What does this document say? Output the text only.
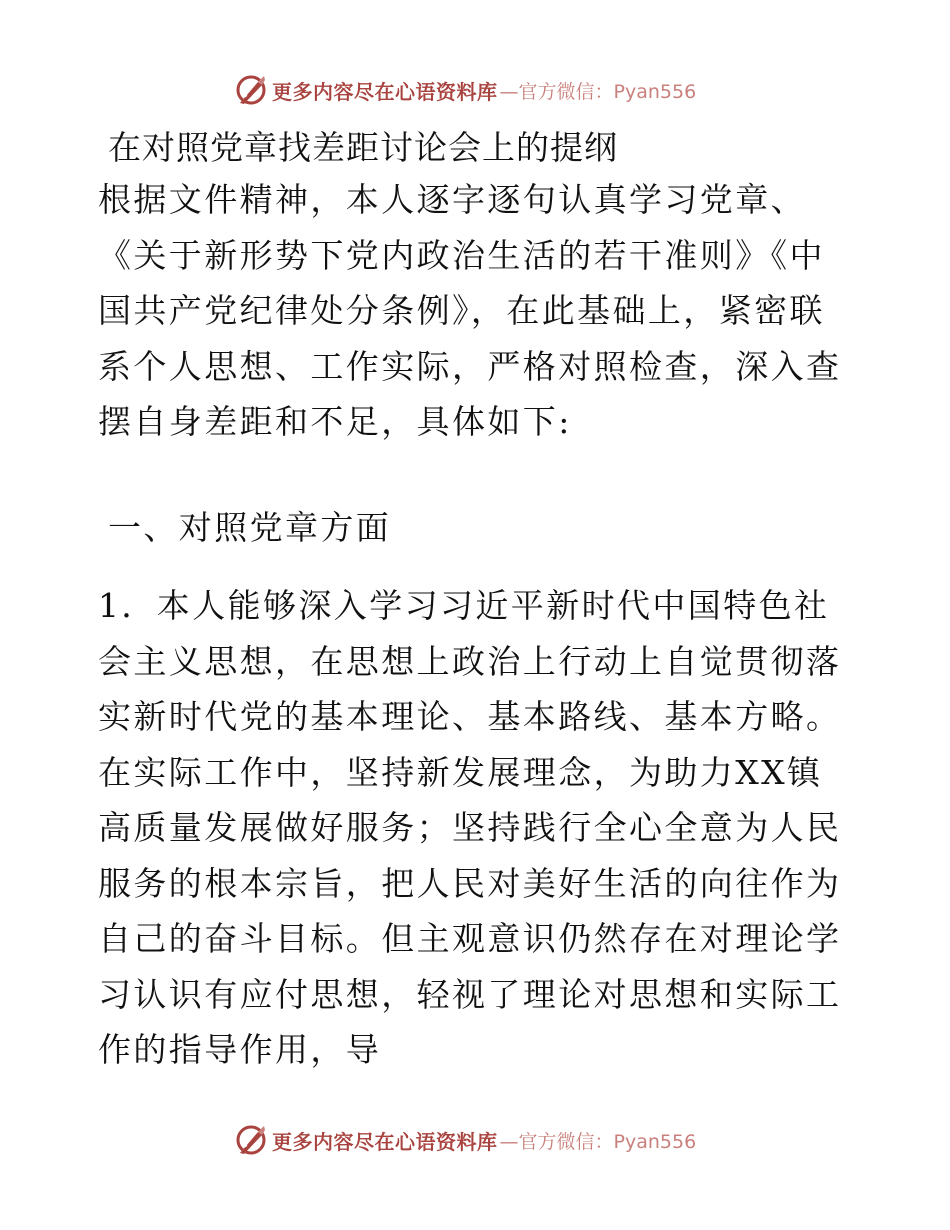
更多内容尽在心语资料库 —官方微信：Pyan556
在对照党章找差距讨论会上的提纲

根据文件精神，本人逐字逐句认真学习党章、《关于新形势下党内政治生活的若干准则》《中国共产党纪律处分条例》，在此基础上，紧密联系个人思想、工作实际，严格对照检查，深入查摆自身差距和不足，具体如下:

一、对照党章方面

1．本人能够深入学习习近平新时代中国特色社会主义思想，在思想上政治上行动上自觉贯彻落实新时代党的基本理论、基本路线、基本方略。在实际工作中，坚持新发展理念，为助力XX镇高质量发展做好服务；坚持践行全心全意为人民服务的根本宗旨，把人民对美好生活的向往作为自己的奋斗目标。但主观意识仍然存在对理论学习认识有应付思想，轻视了理论对思想和实际工作的指导作用，导

更多内容尽在心语资料库 —官方微信：Pyan556
